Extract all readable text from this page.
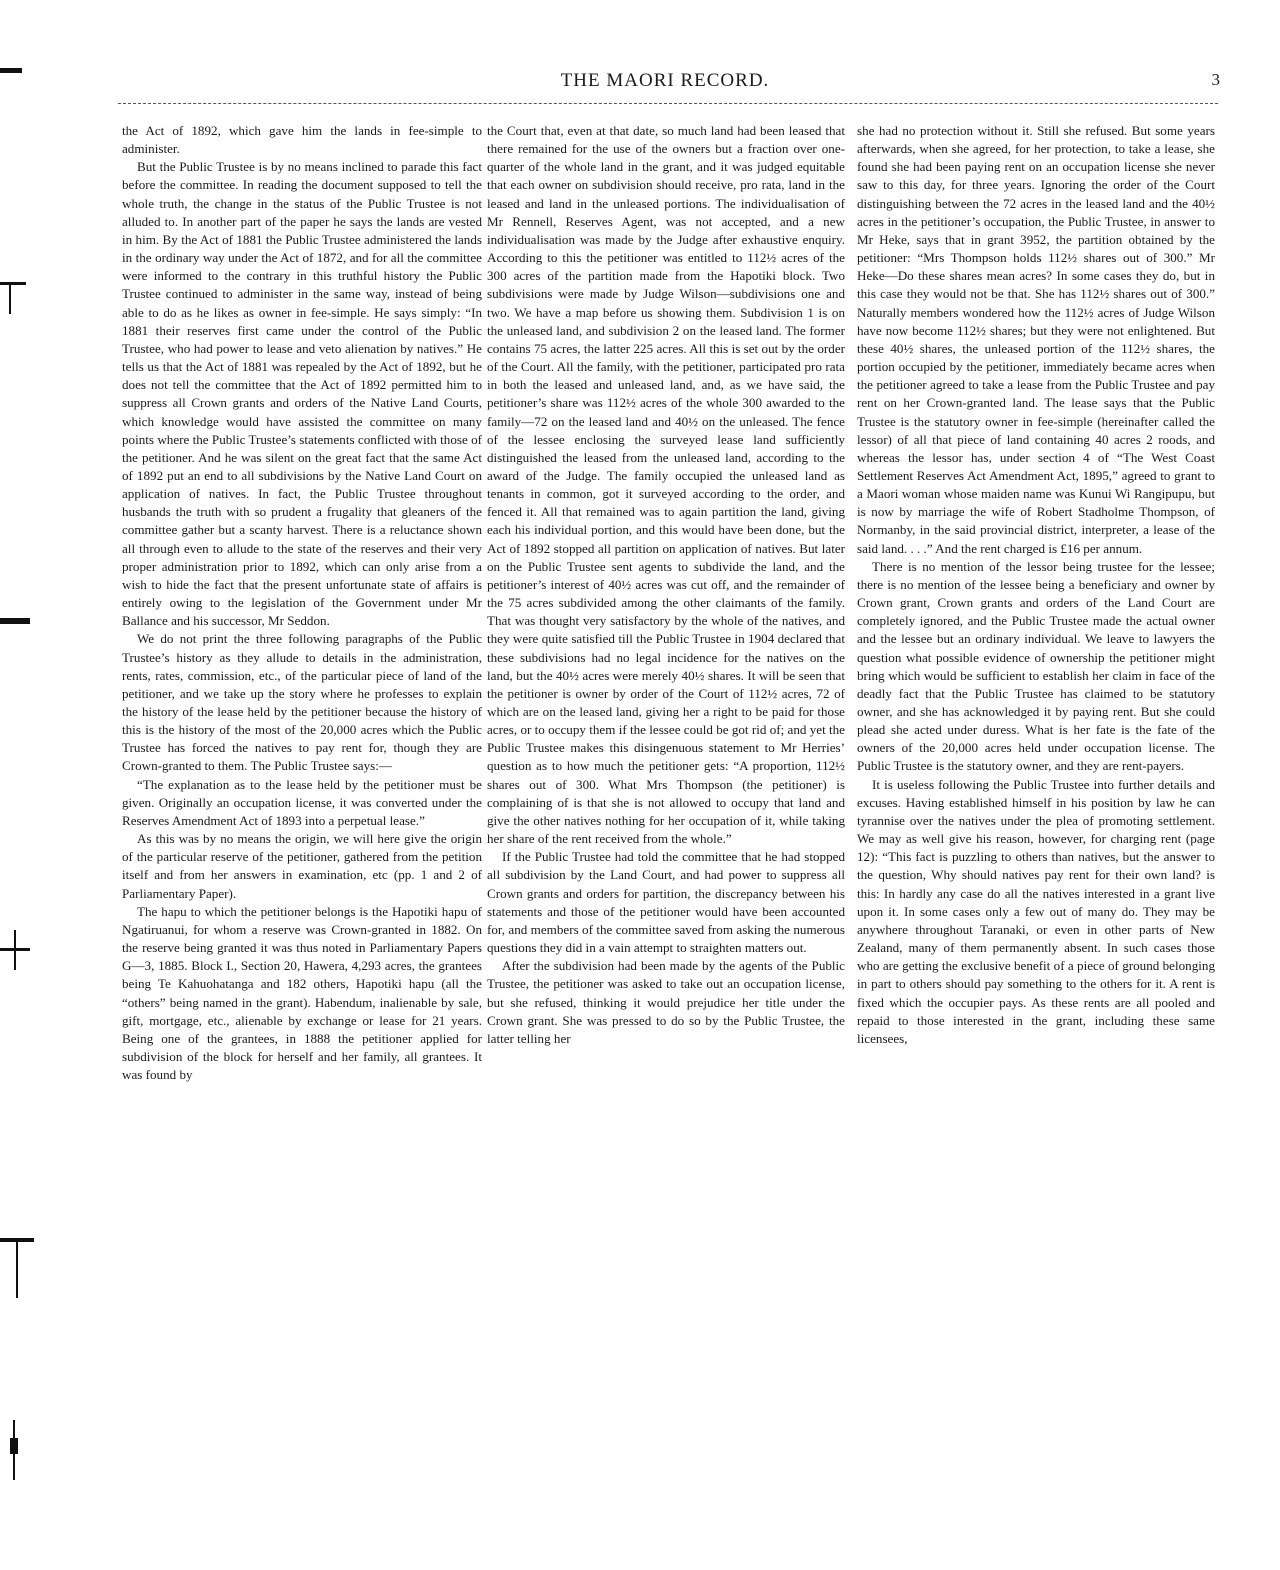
THE MAORI RECORD.	3

the Act of 1892, which gave him the lands in fee-simple to administer.

But the Public Trustee is by no means inclined to parade this fact before the committee. In reading the document supposed to tell the whole truth, the change in the status of the Public Trustee is not alluded to. In another part of the paper he says the lands are vested in him. By the Act of 1881 the Public Trustee administered the lands in the ordinary way under the Act of 1872, and for all the committee were informed to the contrary in this truthful history the Public Trustee continued to administer in the same way, instead of being able to do as he likes as owner in fee-simple. He says simply: “In 1881 their reserves first came under the control of the Public Trustee, who had power to lease and veto alienation by natives.” He tells us that the Act of 1881 was repealed by the Act of 1892, but he does not tell the committee that the Act of 1892 permitted him to suppress all Crown grants and orders of the Native Land Courts, which knowledge would have assisted the committee on many points where the Public Trustee’s statements conflicted with those of the petitioner. And he was silent on the great fact that the same Act of 1892 put an end to all subdivisions by the Native Land Court on application of natives. In fact, the Public Trustee throughout husbands the truth with so prudent a frugality that gleaners of the committee gather but a scanty harvest. There is a reluctance shown all through even to allude to the state of the reserves and their very proper administration prior to 1892, which can only arise from a wish to hide the fact that the present unfortunate state of affairs is entirely owing to the legislation of the Government under Mr Ballance and his successor, Mr Seddon.

We do not print the three following paragraphs of the Public Trustee’s history as they allude to details in the administration, rents, rates, commission, etc., of the particular piece of land of the petitioner, and we take up the story where he professes to explain the history of the lease held by the petitioner because the history of this is the history of the most of the 20,000 acres which the Public Trustee has forced the natives to pay rent for, though they are Crown-granted to them. The Public Trustee says:—

“The explanation as to the lease held by the petitioner must be given. Originally an occupation license, it was converted under the Reserves Amendment Act of 1893 into a perpetual lease.”

As this was by no means the origin, we will here give the origin of the particular reserve of the petitioner, gathered from the petition itself and from her answers in examination, etc (pp. 1 and 2 of Parliamentary Paper).

The hapu to which the petitioner belongs is the Hapotiki hapu of Ngatiruanui, for whom a reserve was Crown-granted in 1882. On the reserve being granted it was thus noted in Parliamentary Papers G—3, 1885. Block I., Section 20, Hawera, 4,293 acres, the grantees being Te Kahuohatanga and 182 others, Hapotiki hapu (all the “others” being named in the grant). Habendum, inalienable by sale, gift, mortgage, etc., alienable by exchange or lease for 21 years. Being one of the grantees, in 1888 the petitioner applied for subdivision of the block for herself and her family, all grantees. It was found by

the Court that, even at that date, so much land had been leased that there remained for the use of the owners but a fraction over one-quarter of the whole land in the grant, and it was judged equitable that each owner on subdivision should receive, pro rata, land in the leased and land in the unleased portions. The individualisation of Mr Rennell, Reserves Agent, was not accepted, and a new individualisation was made by the Judge after exhaustive enquiry. According to this the petitioner was entitled to 112½ acres of the 300 acres of the partition made from the Hapotiki block. Two subdivisions were made by Judge Wilson—subdivisions one and two. We have a map before us showing them. Subdivision 1 is on the unleased land, and subdivision 2 on the leased land. The former contains 75 acres, the latter 225 acres. All this is set out by the order of the Court. All the family, with the petitioner, participated pro rata in both the leased and unleased land, and, as we have said, the petitioner’s share was 112½ acres of the whole 300 awarded to the family—72 on the leased land and 40½ on the unleased. The fence of the lessee enclosing the surveyed lease land sufficiently distinguished the leased from the unleased land, according to the award of the Judge. The family occupied the unleased land as tenants in common, got it surveyed according to the order, and fenced it. All that remained was to again partition the land, giving each his individual portion, and this would have been done, but the Act of 1892 stopped all partition on application of natives. But later on the Public Trustee sent agents to subdivide the land, and the petitioner’s interest of 40½ acres was cut off, and the remainder of the 75 acres subdivided among the other claimants of the family. That was thought very satisfactory by the whole of the natives, and they were quite satisfied till the Public Trustee in 1904 declared that these subdivisions had no legal incidence for the natives on the land, but the 40½ acres were merely 40½ shares. It will be seen that the petitioner is owner by order of the Court of 112½ acres, 72 of which are on the leased land, giving her a right to be paid for those acres, or to occupy them if the lessee could be got rid of; and yet the Public Trustee makes this disingenuous statement to Mr Herries’ question as to how much the petitioner gets: “A proportion, 112½ shares out of 300. What Mrs Thompson (the petitioner) is complaining of is that she is not allowed to occupy that land and give the other natives nothing for her occupation of it, while taking her share of the rent received from the whole.”

If the Public Trustee had told the committee that he had stopped all subdivision by the Land Court, and had power to suppress all Crown grants and orders for partition, the discrepancy between his statements and those of the petitioner would have been accounted for, and members of the committee saved from asking the numerous questions they did in a vain attempt to straighten matters out.

After the subdivision had been made by the agents of the Public Trustee, the petitioner was asked to take out an occupation license, but she refused, thinking it would prejudice her title under the Crown grant. She was pressed to do so by the Public Trustee, the latter telling her

she had no protection without it. Still she refused. But some years afterwards, when she agreed, for her protection, to take a lease, she found she had been paying rent on an occupation license she never saw to this day, for three years. Ignoring the order of the Court distinguishing between the 72 acres in the leased land and the 40½ acres in the petitioner’s occupation, the Public Trustee, in answer to Mr Heke, says that in grant 3952, the partition obtained by the petitioner: “Mrs Thompson holds 112½ shares out of 300.” Mr Heke—Do these shares mean acres? In some cases they do, but in this case they would not be that. She has 112½ shares out of 300.” Naturally members wondered how the 112½ acres of Judge Wilson have now become 112½ shares; but they were not enlightened. But these 40½ shares, the unleased portion of the 112½ shares, the portion occupied by the petitioner, immediately became acres when the petitioner agreed to take a lease from the Public Trustee and pay rent on her Crown-granted land. The lease says that the Public Trustee is the statutory owner in fee-simple (hereinafter called the lessor) of all that piece of land containing 40 acres 2 roods, and whereas the lessor has, under section 4 of “The West Coast Settlement Reserves Act Amendment Act, 1895,” agreed to grant to a Maori woman whose maiden name was Kunui Wi Rangipupu, but is now by marriage the wife of Robert Stadholme Thompson, of Normanby, in the said provincial district, interpreter, a lease of the said land. . . .” And the rent charged is £16 per annum.

There is no mention of the lessor being trustee for the lessee; there is no mention of the lessee being a beneficiary and owner by Crown grant, Crown grants and orders of the Land Court are completely ignored, and the Public Trustee made the actual owner and the lessee but an ordinary individual. We leave to lawyers the question what possible evidence of ownership the petitioner might bring which would be sufficient to establish her claim in face of the deadly fact that the Public Trustee has claimed to be statutory owner, and she has acknowledged it by paying rent. But she could plead she acted under duress. What is her fate is the fate of the owners of the 20,000 acres held under occupation license. The Public Trustee is the statutory owner, and they are rent-payers.

It is useless following the Public Trustee into further details and excuses. Having established himself in his position by law he can tyrannise over the natives under the plea of promoting settlement. We may as well give his reason, however, for charging rent (page 12): “This fact is puzzling to others than natives, but the answer to the question, Why should natives pay rent for their own land? is this: In hardly any case do all the natives interested in a grant live upon it. In some cases only a few out of many do. They may be anywhere throughout Taranaki, or even in other parts of New Zealand, many of them permanently absent. In such cases those who are getting the exclusive benefit of a piece of ground belonging in part to others should pay something to the others for it. A rent is fixed which the occupier pays. As these rents are all pooled and repaid to those interested in the grant, including these same licensees,
